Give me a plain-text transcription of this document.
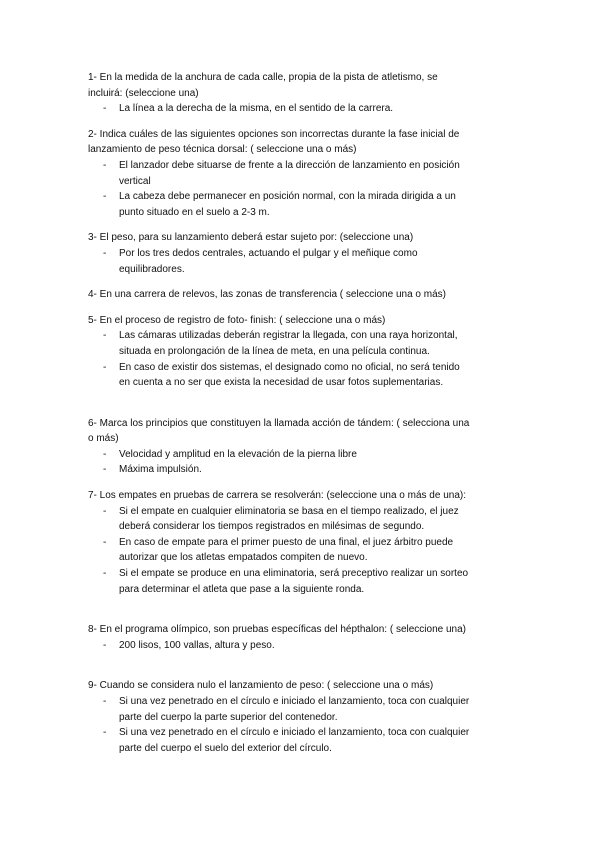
1- En la medida de la anchura de cada calle, propia de la pista de atletismo, se
incluirá: (seleccione una)
- La línea a la derecha de la misma, en el sentido de la carrera.
2- Indica cuáles de las siguientes opciones son incorrectas durante la fase inicial de
lanzamiento de peso técnica dorsal: ( seleccione una o más)
- El lanzador debe situarse de frente a la dirección de lanzamiento en posición
vertical
- La cabeza debe permanecer en posición normal, con la mirada dirigida a un
punto situado en el suelo a 2-3 m.
3- El peso, para su lanzamiento deberá estar sujeto por: (seleccione una)
- Por los tres dedos centrales, actuando el pulgar y el meñique como
equilibradores.
4- En una carrera de relevos, las zonas de transferencia ( seleccione una o más)
5- En el proceso de registro de foto- finish: ( seleccione una o más)
- Las cámaras utilizadas deberán registrar la llegada, con una raya horizontal,
situada en prolongación de la línea de meta, en una película continua.
- En caso de existir dos sistemas, el designado como no oficial, no será tenido
en cuenta a no ser que exista la necesidad de usar fotos suplementarias.
6- Marca los principios que constituyen la llamada acción de tándem: ( selecciona una
o más)
- Velocidad y amplitud en la elevación de la pierna libre
- Máxima impulsión.
7- Los empates en pruebas de carrera se resolverán: (seleccione una o más de una):
- Si el empate en cualquier eliminatoria se basa en el tiempo realizado, el juez
deberá considerar los tiempos registrados en milésimas de segundo.
- En caso de empate para el primer puesto de una final, el juez árbitro puede
autorizar que los atletas empatados compiten de nuevo.
- Si el empate se produce en una eliminatoria, será preceptivo realizar un sorteo
para determinar el atleta que pase a la siguiente ronda.
8- En el programa olímpico, son pruebas específicas del hépthalon: ( seleccione una)
- 200 lisos, 100 vallas, altura y peso.
9- Cuando se considera nulo el lanzamiento de peso: ( seleccione una o más)
- Si una vez penetrado en el círculo e iniciado el lanzamiento, toca con cualquier
parte del cuerpo la parte superior del contenedor.
- Si una vez penetrado en el círculo e iniciado el lanzamiento, toca con cualquier
parte del cuerpo el suelo del exterior del círculo.
